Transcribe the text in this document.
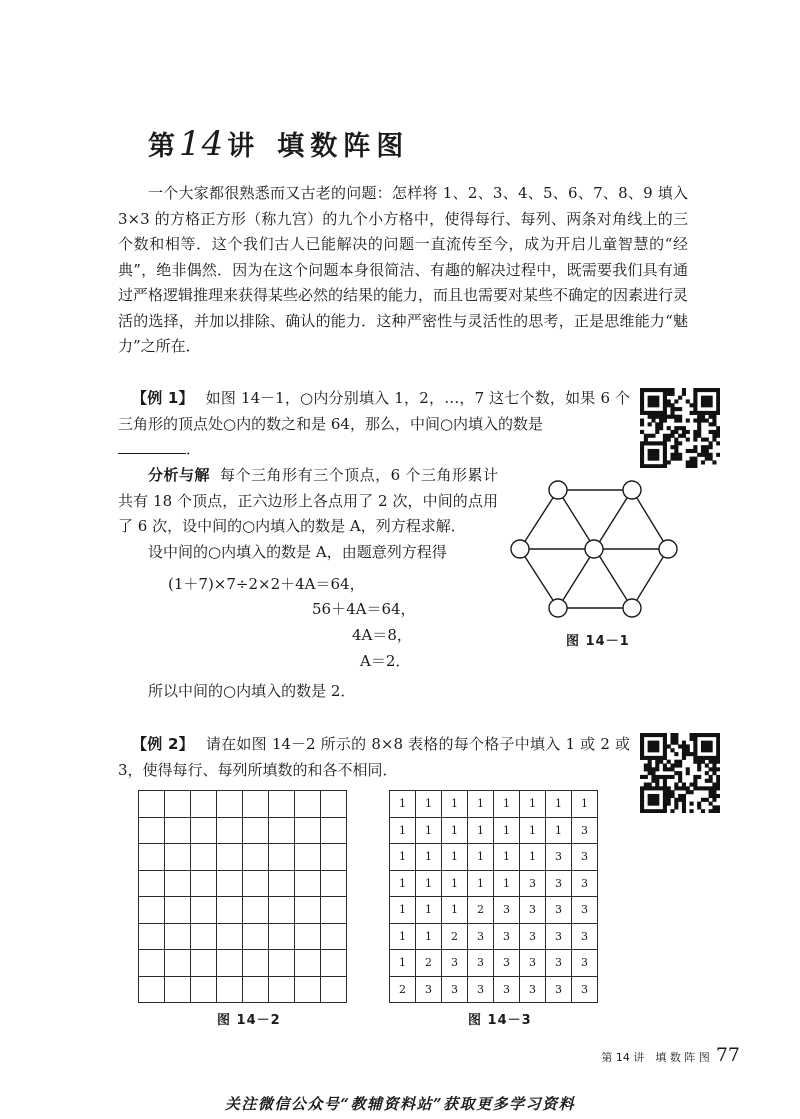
第14 讲 填数阵图

一个大家都很熟悉而又古老的问题：怎样将 1、2、3、4、5、6、7、8、9 填入 3×3 的方格正方形（称九宫）的九个小方格中，使得每行、每列、两条对角线上的三个数和相等．这个我们古人已能解决的问题一直流传至今，成为开启儿童智慧的“经典”，绝非偶然．因为在这个问题本身很简洁、有趣的解决过程中，既需要我们具有通过严格逻辑推理来获得某些必然的结果的能力，而且也需要对某些不确定的因素进行灵活的选择，并加以排除、确认的能力．这种严密性与灵活性的思考，正是思维能力“魅力”之所在．

【例 1】 如图 14－1，○内分别填入 1，2，…，7 这七个数，如果 6 个三角形的顶点处○内的数之和是 64，那么，中间○内填入的数是
．

分析与解 每个三角形有三个顶点，6 个三角形累计共有 18 个顶点，正六边形上各点用了 2 次，中间的点用了 6 次，设中间的○内填入的数是 A，列方程求解．

设中间的○内填入的数是 A，由题意列方程得

(1＋7)×7÷2×2＋4A＝64，
56＋4A＝64，
4A＝8，
A＝2．
所以中间的○内填入的数是 2．
图 14－1

【例 2】 请在如图 14－2 所示的 8×8 表格的每个格子中填入 1 或 2 或 3，使得每行、每列所填数的和各不相同．

图 14－2
1	1	1	1	1	1	1	1
1	1	1	1	1	1	1	3
1	1	1	1	1	1	3	3
1	1	1	1	1	3	3	3
1	1	1	2	3	3	3	3
1	1	2	3	3	3	3	3
1	2	3	3	3	3	3	3
2	3	3	3	3	3	3	3
图 14－3
第 14 讲　填 数 阵 图 77
关注微信公众号“教辅资料站”获取更多学习资料
